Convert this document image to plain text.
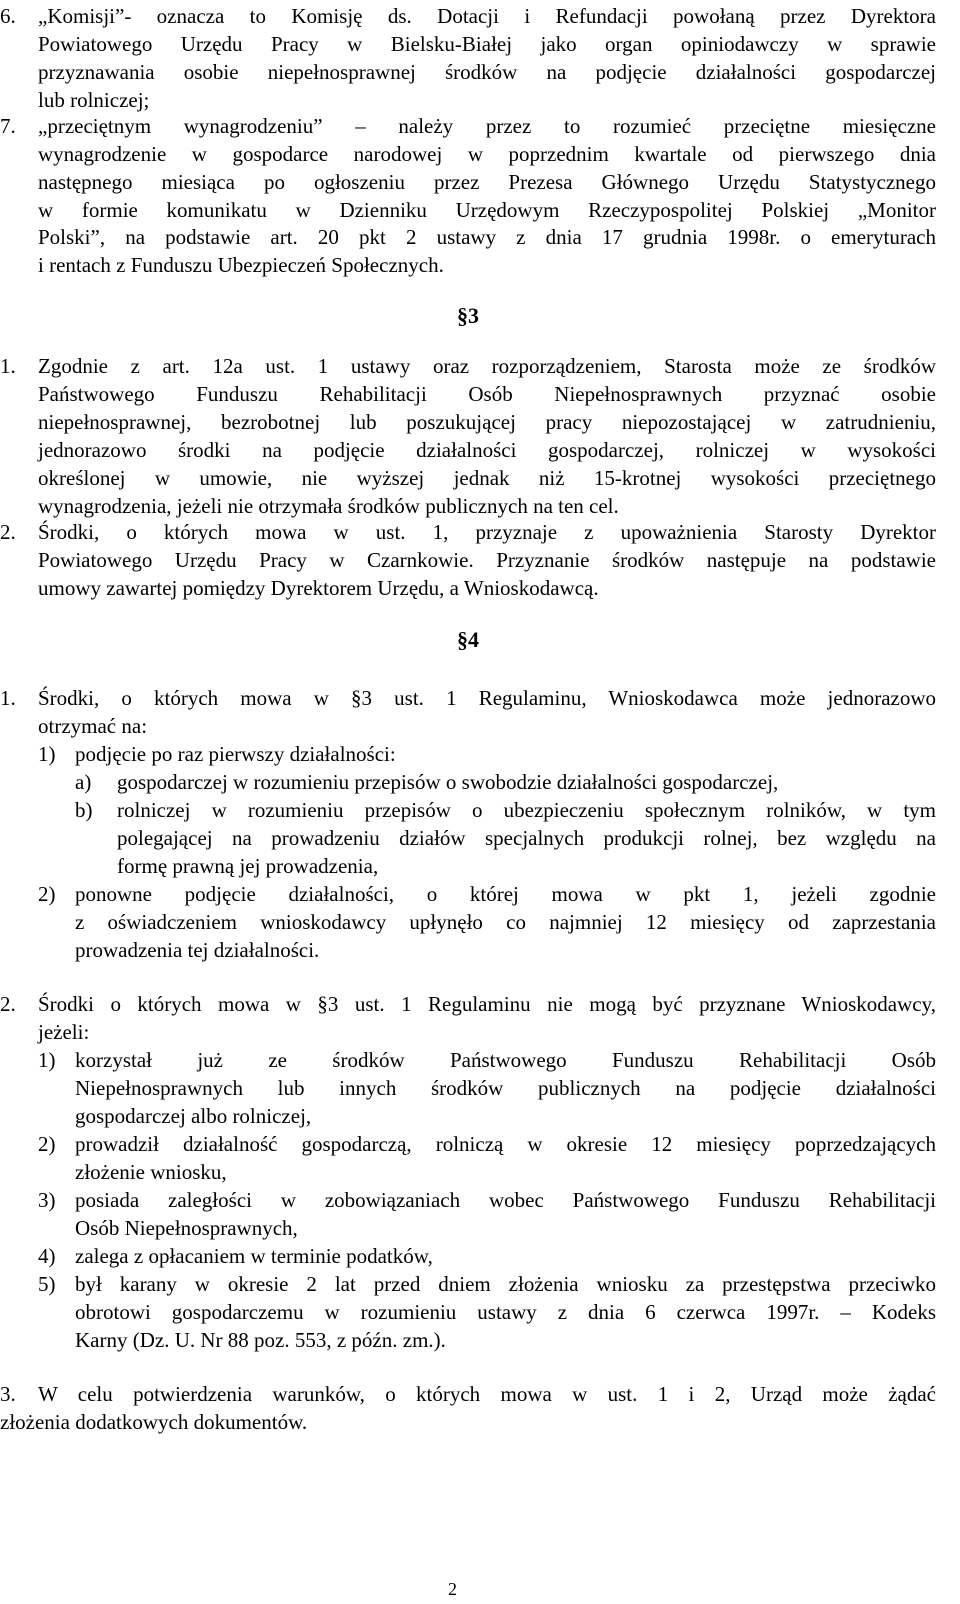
6. „Komisji”- oznacza to Komisję ds. Dotacji i Refundacji powołaną przez Dyrektora
Powiatowego Urzędu Pracy w Bielsku-Białej jako organ opiniodawczy w sprawie
przyznawania osobie niepełnosprawnej środków na podjęcie działalności gospodarczej
lub rolniczej;
7. „przeciętnym wynagrodzeniu” – należy przez to rozumieć przeciętne miesięczne
wynagrodzenie w gospodarce narodowej w poprzednim kwartale od pierwszego dnia
następnego miesiąca po ogłoszeniu przez Prezesa Głównego Urzędu Statystycznego
w formie komunikatu w Dzienniku Urzędowym Rzeczypospolitej Polskiej „Monitor
Polski”, na podstawie art. 20 pkt 2 ustawy z dnia 17 grudnia 1998r. o emeryturach
i rentach z Funduszu Ubezpieczeń Społecznych.
§3
1. Zgodnie z art. 12a ust. 1 ustawy oraz rozporządzeniem, Starosta może ze środków
Państwowego Funduszu Rehabilitacji Osób Niepełnosprawnych przyznać osobie
niepełnosprawnej, bezrobotnej lub poszukującej pracy niepozostającej w zatrudnieniu,
jednorazowo środki na podjęcie działalności gospodarczej, rolniczej w wysokości
określonej w umowie, nie wyższej jednak niż 15-krotnej wysokości przeciętnego
wynagrodzenia, jeżeli nie otrzymała środków publicznych na ten cel.
2. Środki, o których mowa w ust. 1, przyznaje z upoważnienia Starosty Dyrektor
Powiatowego Urzędu Pracy w Czarnkowie. Przyznanie środków następuje na podstawie
umowy zawartej pomiędzy Dyrektorem Urzędu, a Wnioskodawcą.
§4
1. Środki, o których mowa w §3 ust. 1 Regulaminu, Wnioskodawca może jednorazowo
otrzymać na:
1) podjęcie po raz pierwszy działalności:
a) gospodarczej w rozumieniu przepisów o swobodzie działalności gospodarczej,
b) rolniczej w rozumieniu przepisów o ubezpieczeniu społecznym rolników, w tym
polegającej na prowadzeniu działów specjalnych produkcji rolnej, bez względu na
formę prawną jej prowadzenia,
2) ponowne podjęcie działalności, o której mowa w pkt 1, jeżeli zgodnie
z oświadczeniem wnioskodawcy upłynęło co najmniej 12 miesięcy od zaprzestania
prowadzenia tej działalności.
2. Środki o których mowa w §3 ust. 1 Regulaminu nie mogą być przyznane Wnioskodawcy,
jeżeli:
1) korzystał już ze środków Państwowego Funduszu Rehabilitacji Osób
Niepełnosprawnych lub innych środków publicznych na podjęcie działalności
gospodarczej albo rolniczej,
2) prowadził działalność gospodarczą, rolniczą w okresie 12 miesięcy poprzedzających
złożenie wniosku,
3) posiada zaległości w zobowiązaniach wobec Państwowego Funduszu Rehabilitacji
Osób Niepełnosprawnych,
4) zalega z opłacaniem w terminie podatków,
5) był karany w okresie 2 lat przed dniem złożenia wniosku za przestępstwa przeciwko
obrotowi gospodarczemu w rozumieniu ustawy z dnia 6 czerwca 1997r. – Kodeks
Karny (Dz. U. Nr 88 poz. 553, z późn. zm.).
3. W celu potwierdzenia warunków, o których mowa w ust. 1 i 2, Urząd może żądać
złożenia dodatkowych dokumentów.
2
